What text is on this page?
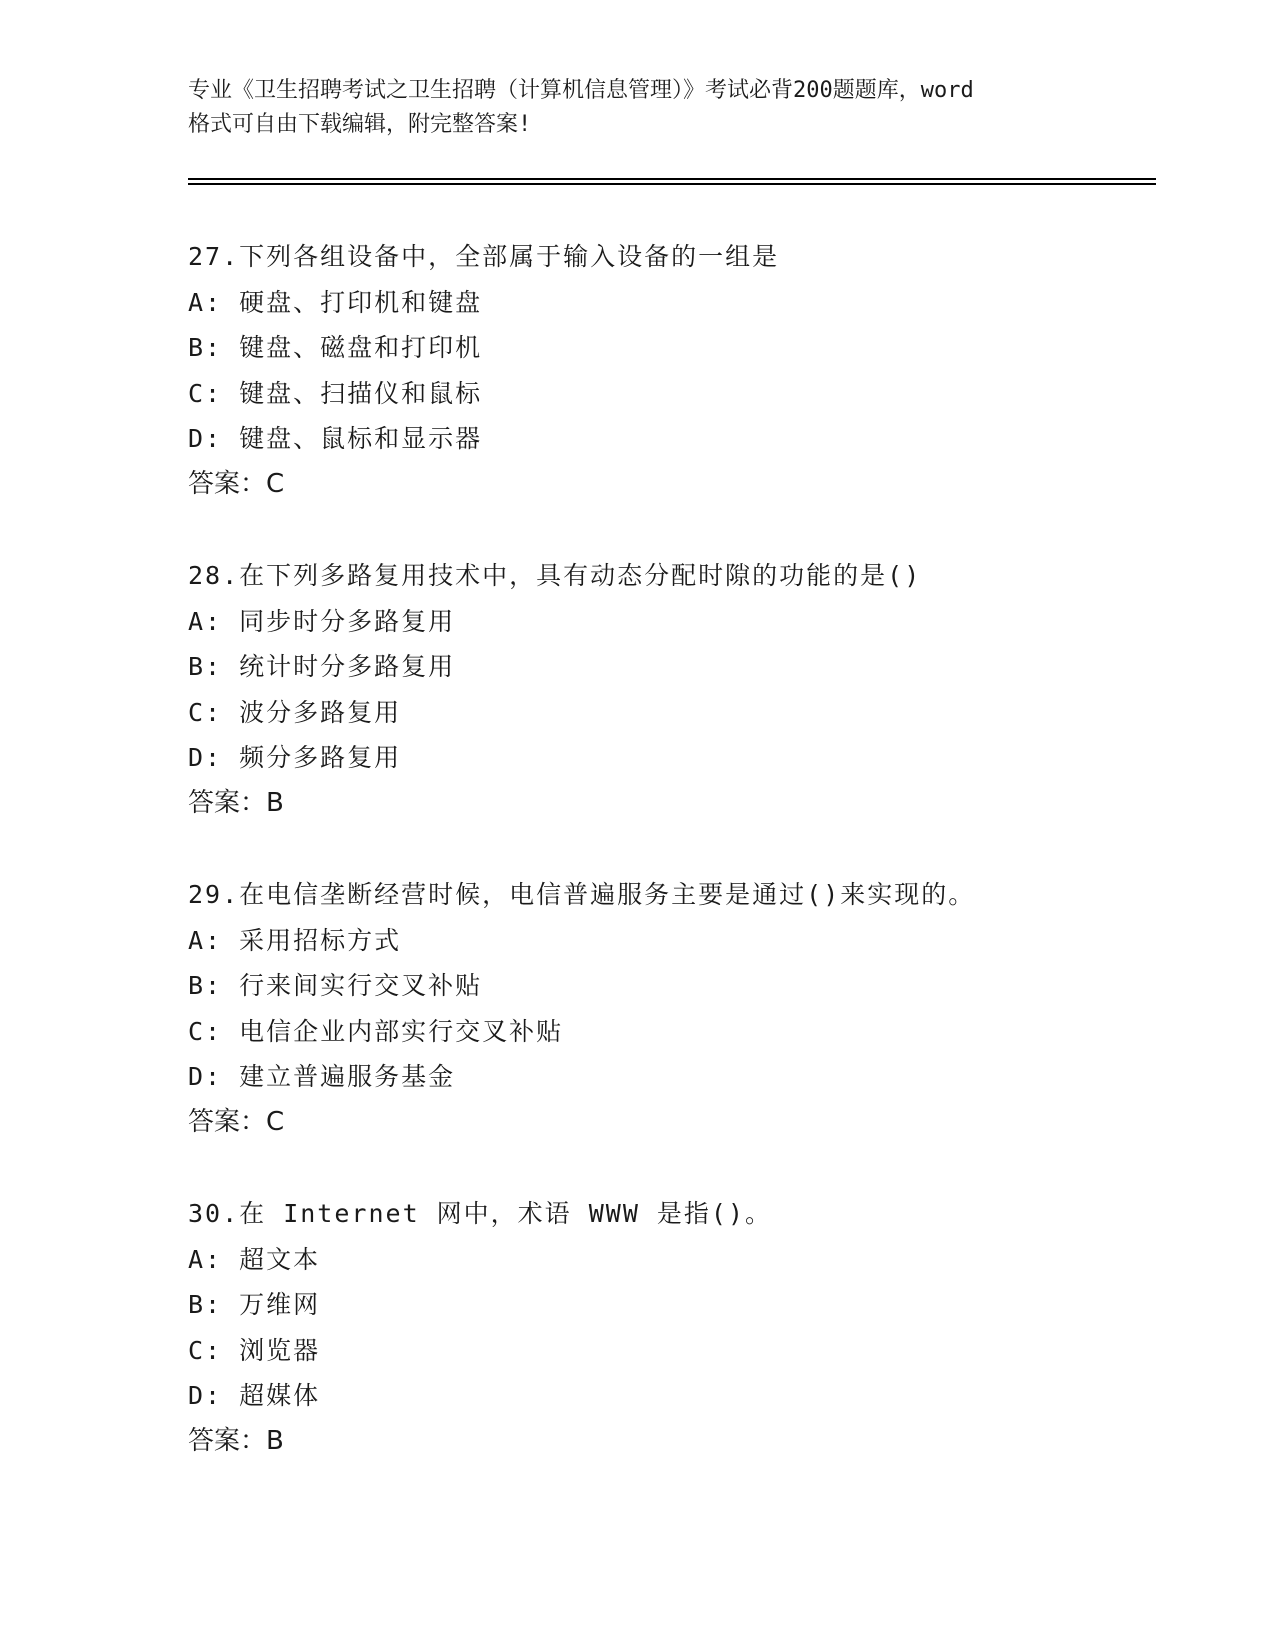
专业《卫生招聘考试之卫生招聘（计算机信息管理）》考试必背200题题库，word
格式可自由下载编辑，附完整答案!
27.下列各组设备中，全部属于输入设备的一组是
A: 硬盘、打印机和键盘
B: 键盘、磁盘和打印机
C: 键盘、扫描仪和鼠标
D: 键盘、鼠标和显示器
答案：C
28.在下列多路复用技术中，具有动态分配时隙的功能的是()
A: 同步时分多路复用
B: 统计时分多路复用
C: 波分多路复用
D: 频分多路复用
答案：B
29.在电信垄断经营时候，电信普遍服务主要是通过()来实现的。
A: 采用招标方式
B: 行来间实行交叉补贴
C: 电信企业内部实行交叉补贴
D: 建立普遍服务基金
答案：C
30.在 Internet 网中，术语 WWW 是指()。
A: 超文本
B: 万维网
C: 浏览器
D: 超媒体
答案：B
